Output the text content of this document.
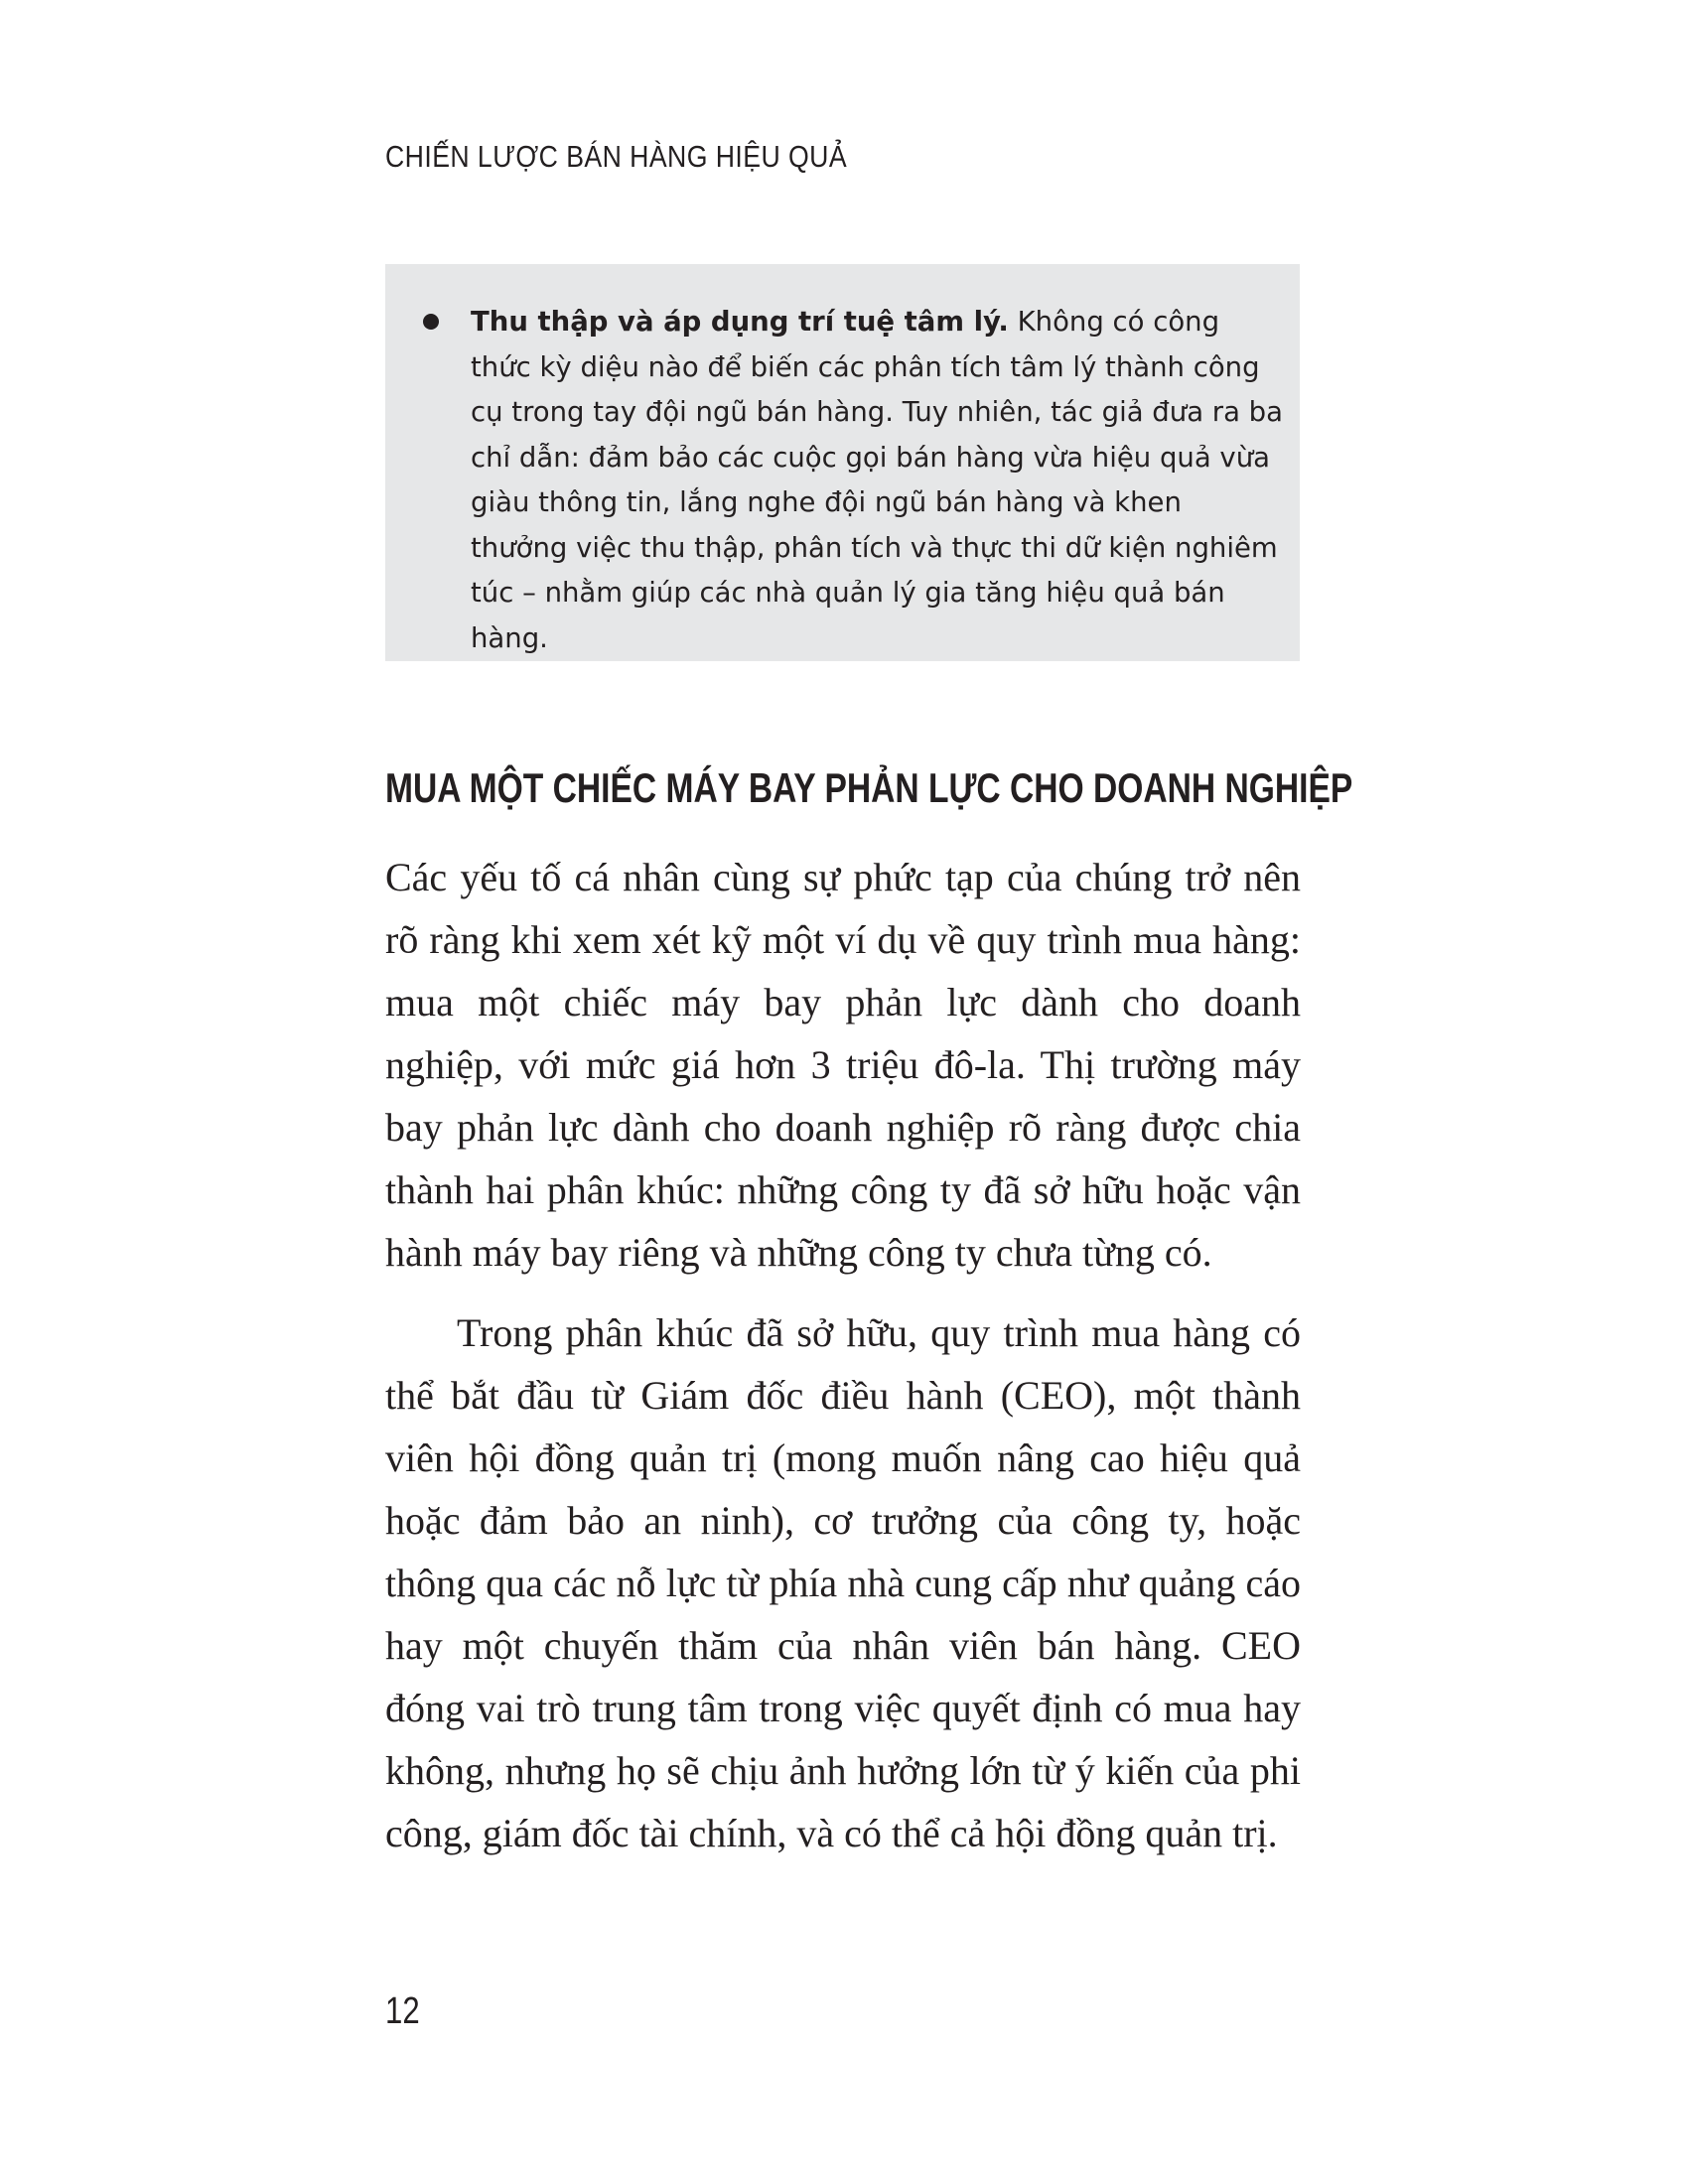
CHIẾN LƯỢC BÁN HÀNG HIỆU QUẢ

Thu thập và áp dụng trí tuệ tâm lý. Không có công thức kỳ diệu nào để biến các phân tích tâm lý thành công cụ trong tay đội ngũ bán hàng. Tuy nhiên, tác giả đưa ra ba chỉ dẫn: đảm bảo các cuộc gọi bán hàng vừa hiệu quả vừa giàu thông tin, lắng nghe đội ngũ bán hàng và khen thưởng việc thu thập, phân tích và thực thi dữ kiện nghiêm túc – nhằm giúp các nhà quản lý gia tăng hiệu quả bán hàng.

MUA MỘT CHIẾC MÁY BAY PHẢN LỰC CHO DOANH NGHIỆP

Các yếu tố cá nhân cùng sự phức tạp của chúng trở nên rõ ràng khi xem xét kỹ một ví dụ về quy trình mua hàng: mua một chiếc máy bay phản lực dành cho doanh nghiệp, với mức giá hơn 3 triệu đô-la. Thị trường máy bay phản lực dành cho doanh nghiệp rõ ràng được chia thành hai phân khúc: những công ty đã sở hữu hoặc vận hành máy bay riêng và những công ty chưa từng có.

Trong phân khúc đã sở hữu, quy trình mua hàng có thể bắt đầu từ Giám đốc điều hành (CEO), một thành viên hội đồng quản trị (mong muốn nâng cao hiệu quả hoặc đảm bảo an ninh), cơ trưởng của công ty, hoặc thông qua các nỗ lực từ phía nhà cung cấp như quảng cáo hay một chuyến thăm của nhân viên bán hàng. CEO đóng vai trò trung tâm trong việc quyết định có mua hay không, nhưng họ sẽ chịu ảnh hưởng lớn từ ý kiến của phi công, giám đốc tài chính, và có thể cả hội đồng quản trị.

12
